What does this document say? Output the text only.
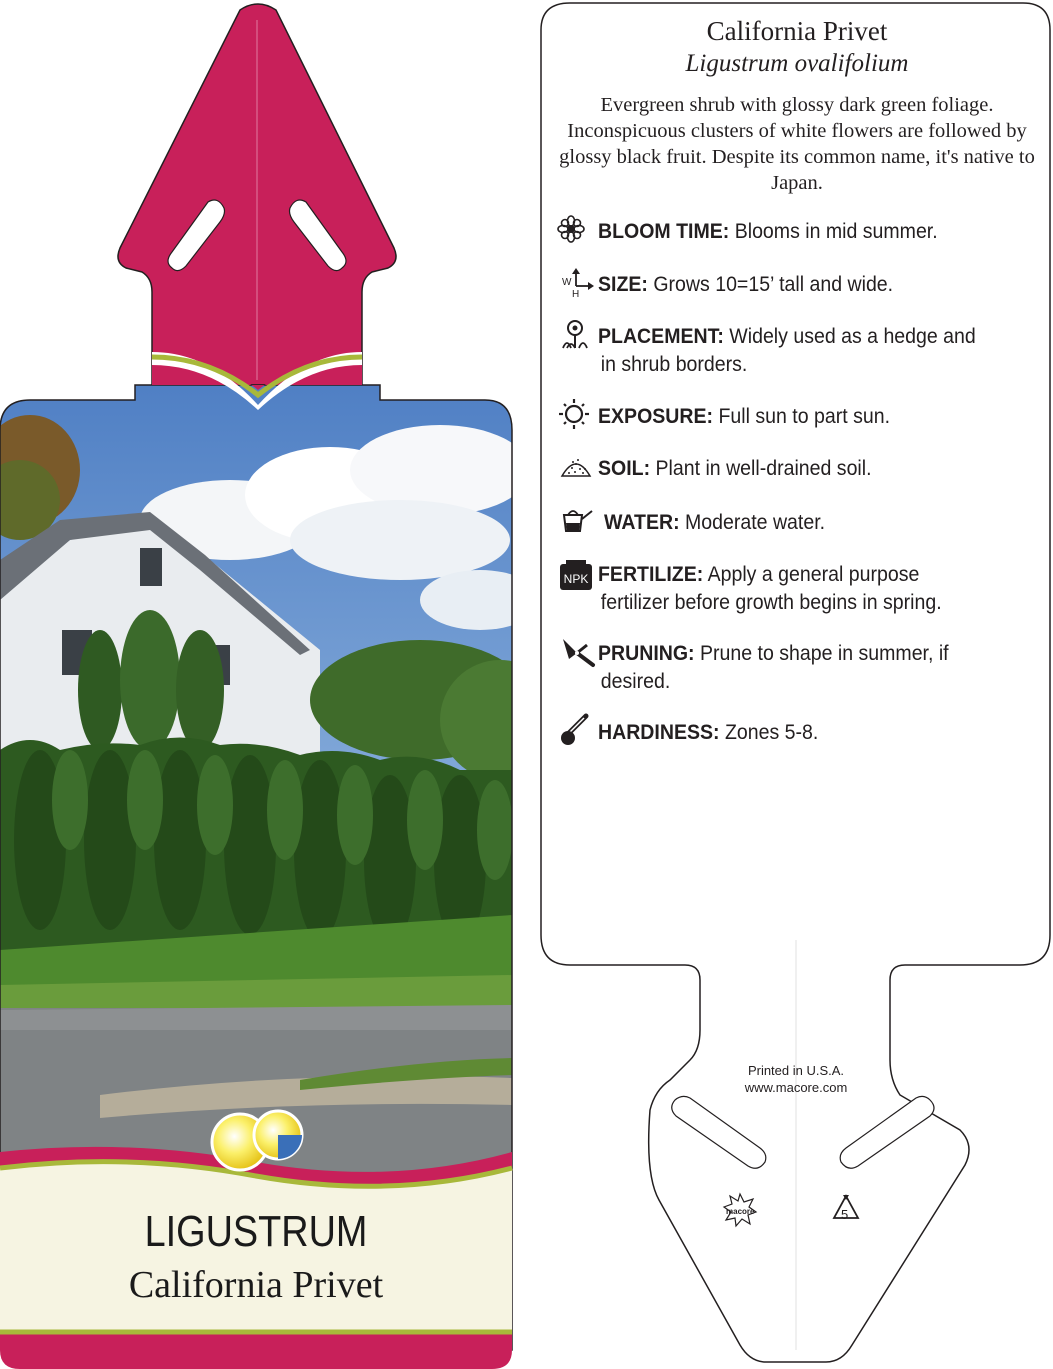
NPK
LIGUSTRUM
California Privet
California Privet
Ligustrum ovalifolium
Evergreen shrub with glossy dark green foliage. Inconspicuous clusters of white flowers are followed by glossy black fruit. Despite its common name, it's native to Japan.
W
H
BLOOM TIME: Blooms in mid summer.
SIZE: Grows 10=15’ tall and wide.
PLACEMENT: Widely used as a hedge and
in shrub borders.
EXPOSURE: Full sun to part sun.
SOIL: Plant in well-drained soil.
WATER: Moderate water.
FERTILIZE: Apply a general purpose
fertilizer before growth begins in spring.
PRUNING: Prune to shape in summer, if
desired.
HARDINESS: Zones 5-8.
Printed in U.S.A.
www.macore.com
macore	5
